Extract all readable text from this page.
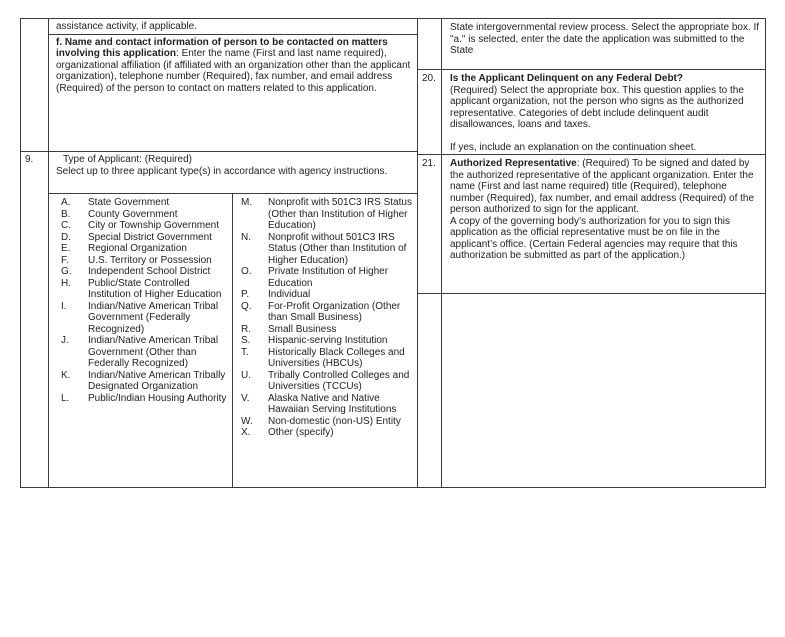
assistance activity, if applicable.
f. Name and contact information of person to be contacted on matters involving this application: Enter the name (First and last name required), organizational affiliation (if affiliated with an organization other than the applicant organization), telephone number (Required), fax number, and email address (Required) of the person to contact on matters related to this application.
9.	Type of Applicant: (Required)
Select up to three applicant type(s) in accordance with agency instructions.
A.	State Government
B.	County Government
C.	City or Township Government
D.	Special District Government
E.	Regional Organization
F.	U.S. Territory or Possession
G.	Independent School District
H.	Public/State Controlled Institution of Higher Education
I.	Indian/Native American Tribal Government (Federally Recognized)
J.	Indian/Native American Tribal Government (Other than Federally Recognized)
K.	Indian/Native American Tribally Designated Organization
L.	Public/Indian Housing Authority
M.	Nonprofit with 501C3 IRS Status (Other than Institution of Higher Education)
N.	Nonprofit without 501C3 IRS Status (Other than Institution of Higher Education)
O.	Private Institution of Higher Education
P.	Individual
Q.	For-Profit Organization (Other than Small Business)
R.	Small Business
S.	Hispanic-serving Institution
T.	Historically Black Colleges and Universities (HBCUs)
U.	Tribally Controlled Colleges and Universities (TCCUs)
V.	Alaska Native and Native Hawaiian Serving Institutions
W.	Non-domestic (non-US) Entity
X.	Other (specify)
State intergovernmental review process. Select the appropriate box. If "a." is selected, enter the date the application was submitted to the State
20.	Is the Applicant Delinquent on any Federal Debt?
(Required) Select the appropriate box. This question applies to the applicant organization, not the person who signs as the authorized representative. Categories of debt include delinquent audit disallowances, loans and taxes.
If yes, include an explanation on the continuation sheet.
21.	Authorized Representative: (Required) To be signed and dated by the authorized representative of the applicant organization. Enter the name (First and last name required) title (Required), telephone number (Required), fax number, and email address (Required) of the person authorized to sign for the applicant.
A copy of the governing body’s authorization for you to sign this application as the official representative must be on file in the applicant’s office. (Certain Federal agencies may require that this authorization be submitted as part of the application.)
